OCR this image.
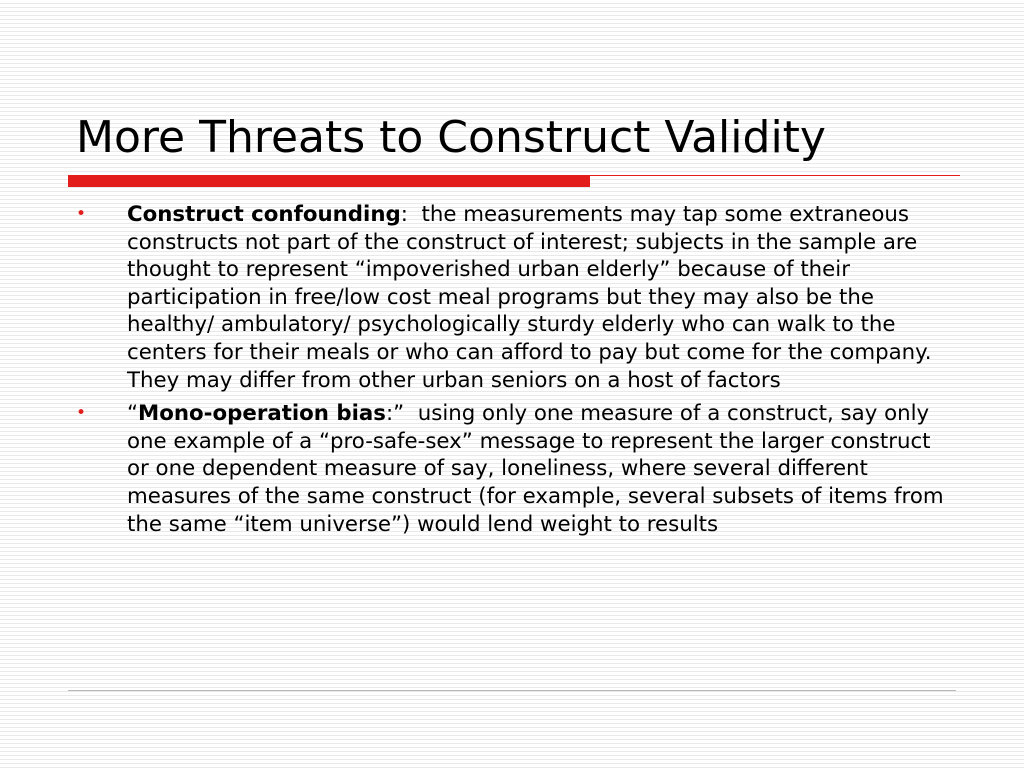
More Threats to Construct Validity
• Construct confounding:  the measurements may tap some extraneous constructs not part of the construct of interest; subjects in the sample are thought to represent “impoverished urban elderly” because of their participation in free/low cost meal programs but they may also be the healthy/ ambulatory/ psychologically sturdy elderly who can walk to the centers for their meals or who can afford to pay but come for the company.  They may differ from other urban seniors on a host of factors
• “Mono-operation bias:”  using only one measure of a construct, say only one example of a “pro-safe-sex” message to represent the larger construct or one dependent measure of say, loneliness, where several different measures of the same construct (for example, several subsets of items from the same “item universe”) would lend weight to results
